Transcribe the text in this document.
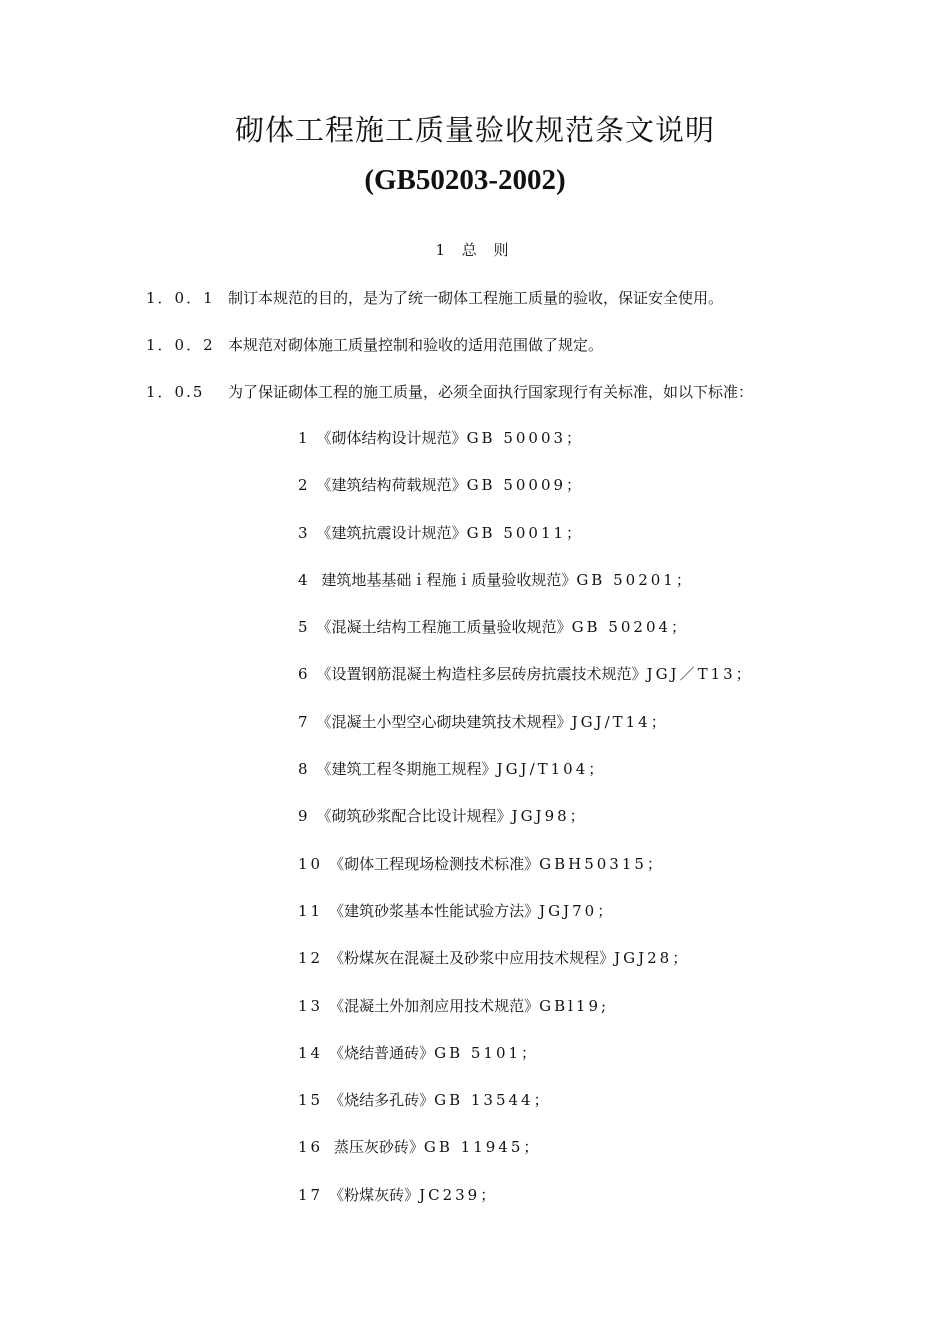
砌体工程施工质量验收规范条文说明
(GB50203-2002)
1 总 则
1．0．1 制订本规范的目的，是为了统一砌体工程施工质量的验收，保证安全使用。
1．0．2 本规范对砌体施工质量控制和验收的适用范围做了规定。
1．0.5 为了保证砌体工程的施工质量，必须全面执行国家现行有关标准，如以下标准：
1 《砌体结构设计规范》GB 50003；
2 《建筑结构荷载规范》GB 50009；
3 《建筑抗震设计规范》GB 50011；
4 建筑地基基础ｉ程施ｉ质量验收规范》GB 50201；
5 《混凝土结构工程施工质量验收规范》GB 50204；
6 《设置钢筋混凝土构造柱多层砖房抗震技术规范》JGJ／T13；
7 《混凝土小型空心砌块建筑技术规程》JGJ/T14；
8 《建筑工程冬期施工规程》JGJ/T104；
9 《砌筑砂浆配合比设计规程》JGJ98；
10 《砌体工程现场检测技术标准》GBH50315；
11 《建筑砂浆基本性能试验方法》JGJ70；
12 《粉煤灰在混凝土及砂浆中应用技术规程》JGJ28；
13 《混凝土外加剂应用技术规范》GBl19;
14 《烧结普通砖》GB 5101；
15 《烧结多孔砖》GB 13544；
16 蒸压灰砂砖》GB 11945；
17 《粉煤灰砖》JC239；
